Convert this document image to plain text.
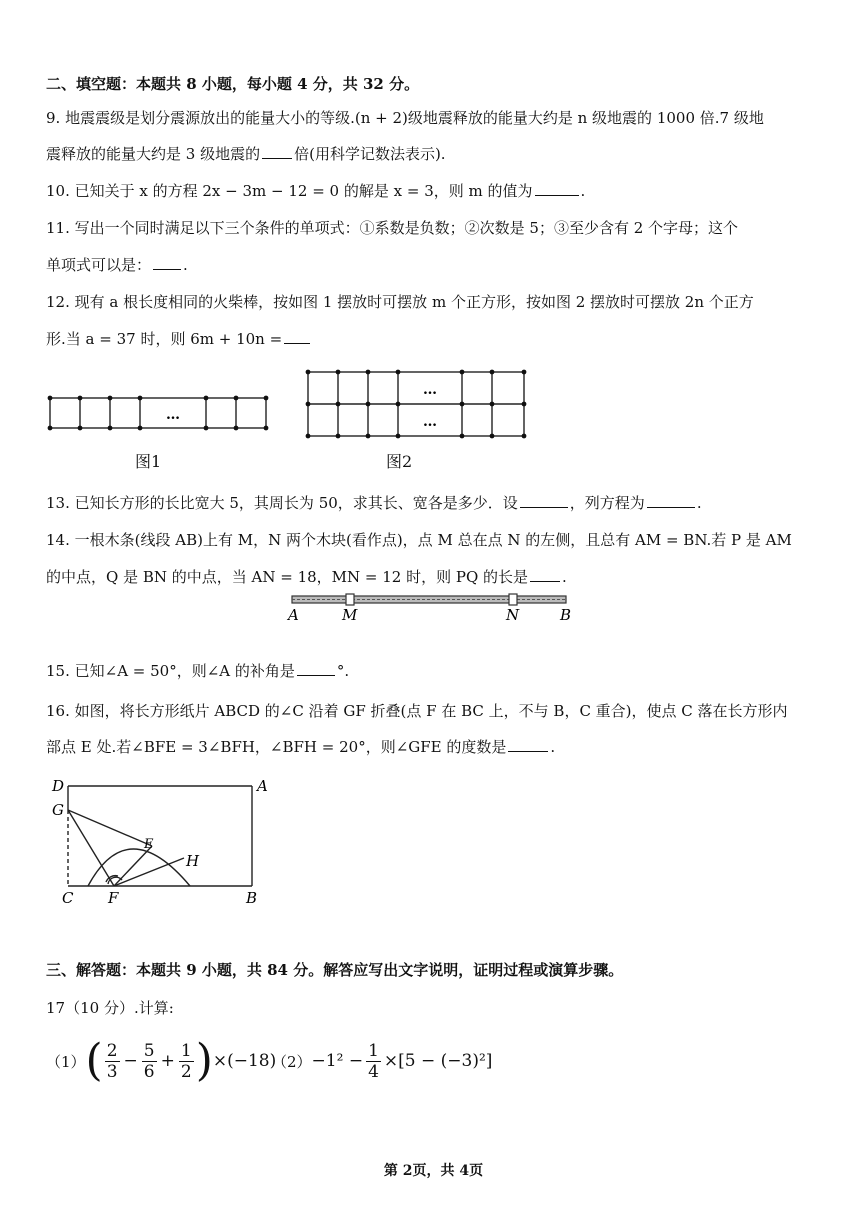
二、填空题：本题共 8 小题，每小题 4 分，共 32 分。
9. 地震震级是划分震源放出的能量大小的等级.(n + 2)级地震释放的能量大约是 n 级地震的 1000 倍.7 级地
震释放的能量大约是 3 级地震的 倍(用科学记数法表示).
10. 已知关于 x 的方程 2x − 3m − 12 = 0 的解是 x = 3，则 m 的值为	.
11. 写出一个同时满足以下三个条件的单项式：①系数是负数；②次数是 5；③至少含有 2 个字母；这个
单项式可以是： .
12. 现有 a 根长度相同的火柴棒，按如图 1 摆放时可摆放 m 个正方形，按如图 2 摆放时可摆放 2n 个正方
形.当 a = 37 时，则 6m + 10n =
…
图1
…
…
图2
13. 已知长方形的长比宽大 5，其周长为 50，求其长、宽各是多少．设	，列方程为	.
14. 一根木条(线段 AB)上有 M，N 两个木块(看作点)，点 M 总在点 N 的左侧，且总有 AM = BN.若 P 是 AM
的中点，Q 是 BN 的中点，当 AN = 18，MN = 12 时，则 PQ 的长是 .
A	M	N	B
15. 已知∠A = 50°，则∠A 的补角是	°.
16. 如图，将长方形纸片 ABCD 的∠C 沿着 GF 折叠(点 F 在 BC 上，不与 B，C 重合)，使点 C 落在长方形内
部点 E 处.若∠BFE = 3∠BFH，∠BFH = 20°，则∠GFE 的度数是	.
D	A
G
E
H
C F	B
三、解答题：本题共 9 小题，共 84 分。解答应写出文字说明，证明过程或演算步骤。
17（10 分）.计算:
（1） ( $\frac{2}{3} - \frac{5}{6} + \frac{1}{2}$ ) ×(−18)
$(2) -1^2 - \frac{1}{4} \times[5 - (-3)^2]$
第 2页，共 4页
